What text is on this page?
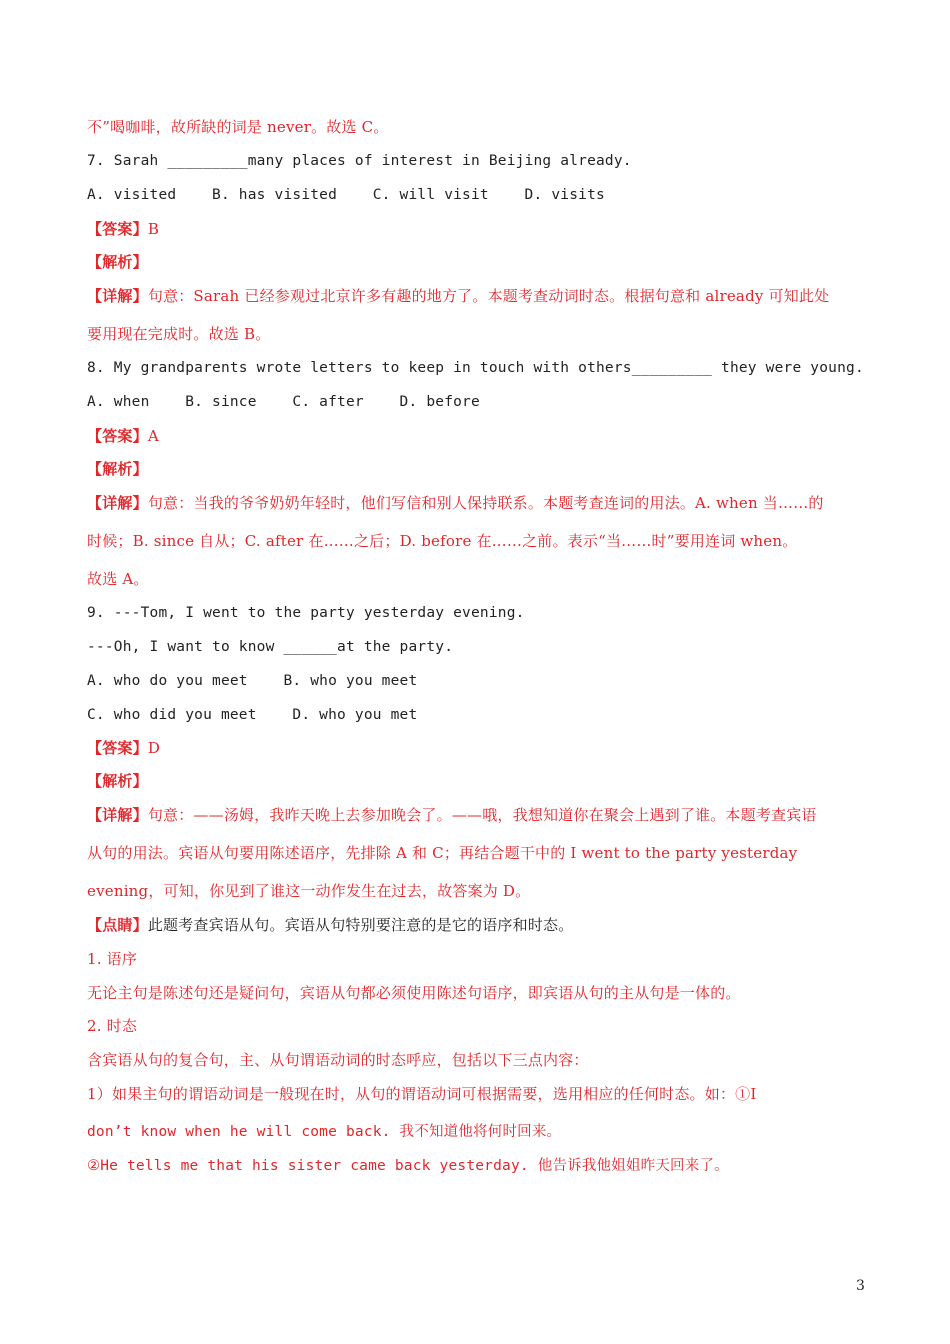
不”喝咖啡，故所缺的词是 never。故选 C。
7. Sarah _________many places of interest in Beijing already.
A. visited    B. has visited    C. will visit    D. visits
【答案】B
【解析】
【详解】句意：Sarah 已经参观过北京许多有趣的地方了。本题考查动词时态。根据句意和 already 可知此处
要用现在完成时。故选 B。
8. My grandparents wrote letters to keep in touch with others_________ they were young.
A. when    B. since    C. after    D. before
【答案】A
【解析】
【详解】句意：当我的爷爷奶奶年轻时，他们写信和别人保持联系。本题考查连词的用法。A. when 当……的
时候；B. since 自从；C. after 在……之后；D. before 在……之前。表示“当……时”要用连词 when。
故选 A。
9. ---Tom, I went to the party yesterday evening.
---Oh, I want to know ______at the party.
A. who do you meet    B. who you meet
C. who did you meet    D. who you met
【答案】D
【解析】
【详解】句意：——汤姆，我昨天晚上去参加晚会了。——哦，我想知道你在聚会上遇到了谁。本题考查宾语
从句的用法。宾语从句要用陈述语序，先排除 A 和 C；再结合题干中的 I went to the party yesterday
evening，可知，你见到了谁这一动作发生在过去，故答案为 D。
【点睛】此题考查宾语从句。宾语从句特别要注意的是它的语序和时态。
1. 语序
无论主句是陈述句还是疑问句，宾语从句都必须使用陈述句语序，即宾语从句的主从句是一体的。
2. 时态
含宾语从句的复合句，主、从句谓语动词的时态呼应，包括以下三点内容：
1）如果主句的谓语动词是一般现在时，从句的谓语动词可根据需要，选用相应的任何时态。如：①I
don’t know when he will come back. 我不知道他将何时回来。
②He tells me that his sister came back yesterday. 他告诉我他姐姐昨天回来了。
3
